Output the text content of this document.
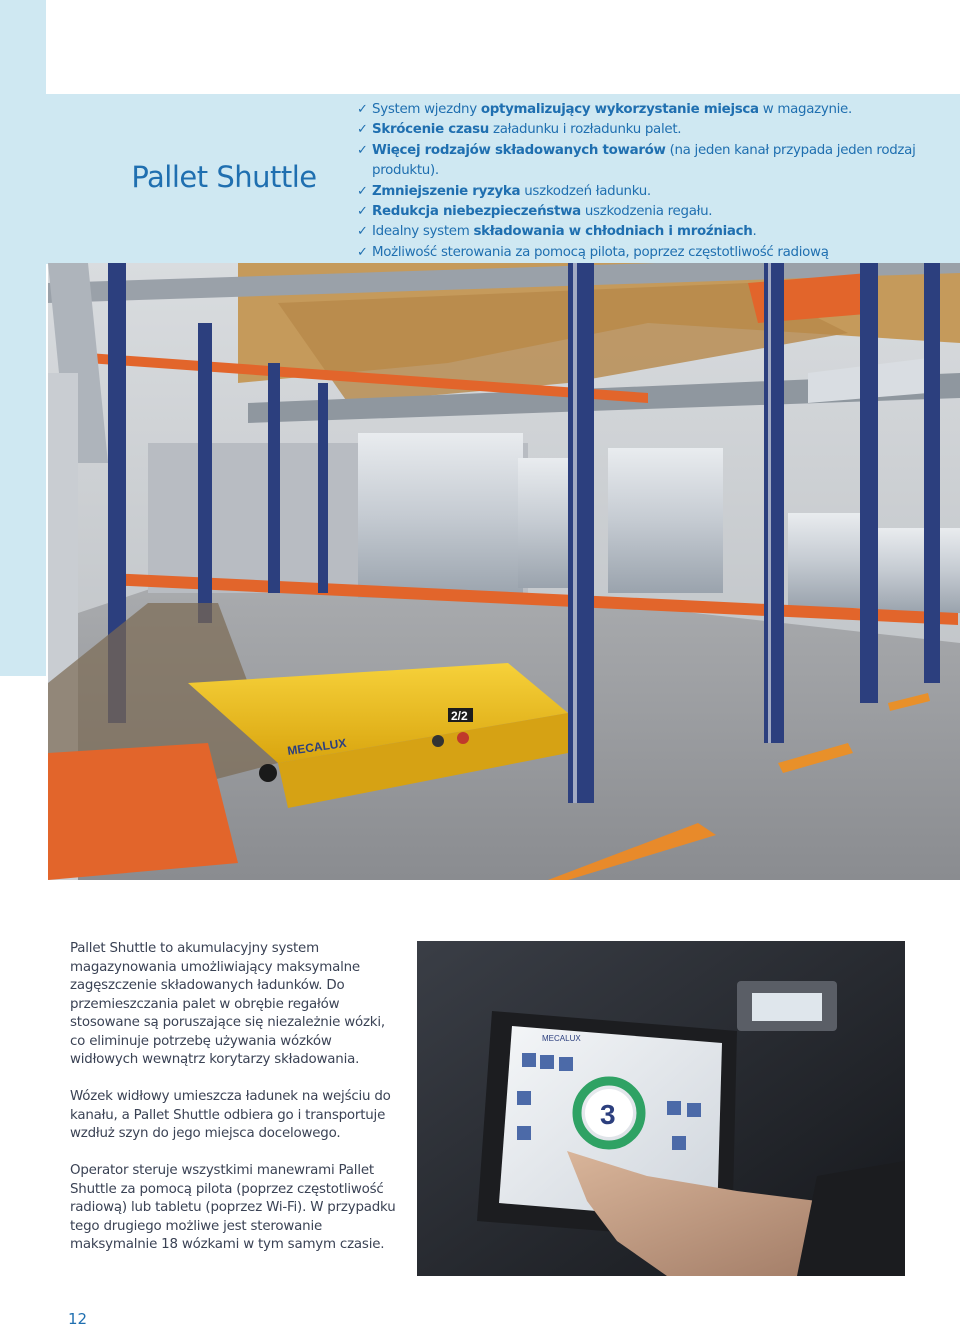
Pallet Shuttle
✓ System wjezdny optymalizujący wykorzystanie miejsca w magazynie.
✓ Skrócenie czasu załadunku i rozładunku palet.
✓ Więcej rodzajów składowanych towarów (na jeden kanał przypada jeden rodzaj produktu).
✓ Zmniejszenie ryzyka uszkodzeń ładunku.
✓ Redukcja niebezpieczeństwa uszkodzenia regału.
✓ Idealny system składowania w chłodniach i mroźniach.
✓ Możliwość sterowania za pomocą pilota, poprzez częstotliwość radiową
2/2
MECALUX

Pallet Shuttle to akumulacyjny system magazynowania umożliwiający maksymalne zagęszczenie składowanych ładunków. Do przemieszczania palet w obrębie regałów stosowane są poruszające się niezależnie wózki, co eliminuje potrzebę używania wózków widłowych wewnątrz korytarzy składowania.

Wózek widłowy umieszcza ładunek na wejściu do kanału, a Pallet Shuttle odbiera go i transportuje wzdłuż szyn do jego miejsca docelowego.

Operator steruje wszystkimi manewrami Pallet Shuttle za pomocą pilota (poprzez częstotliwość radiową) lub tabletu (poprzez Wi-Fi). W przypadku tego drugiego możliwe jest sterowanie maksymalnie 18 wózkami w tym samym czasie.

MECALUX
3
12
